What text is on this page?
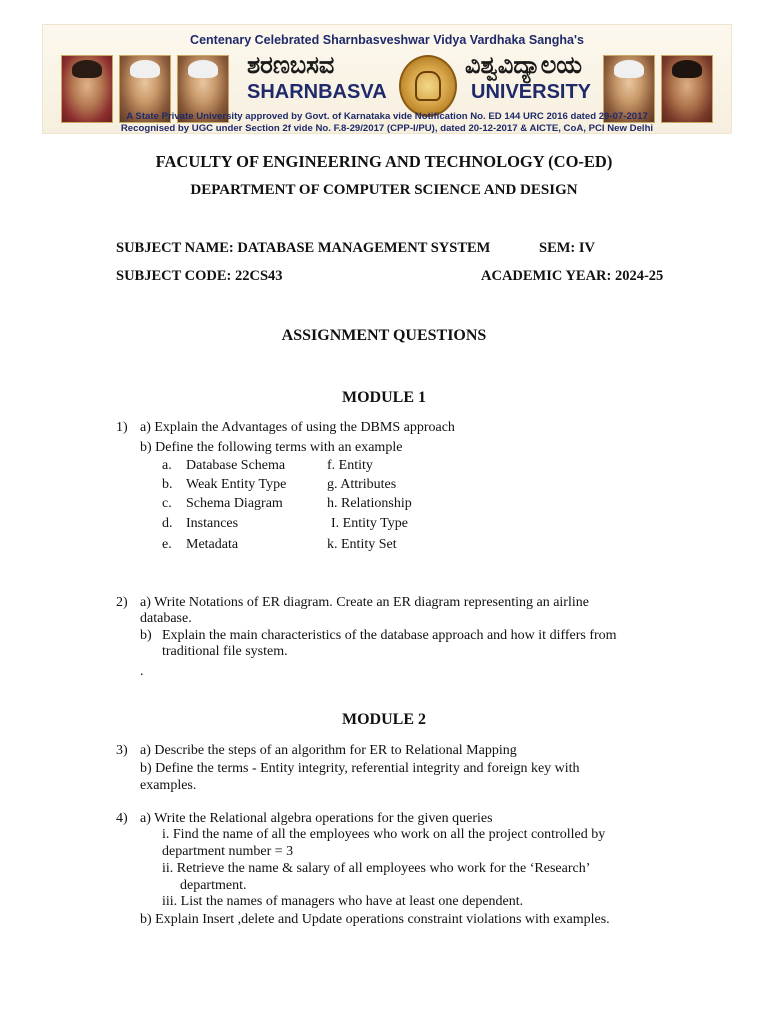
Centenary Celebrated Sharnbasveshwar Vidya Vardhaka Sangha's
ಶರಣಬಸವ
SHARNBASVA
ವಿಶ್ವವಿದ್ಯಾಲಯ
UNIVERSITY
A State Private University approved by Govt. of Karnataka vide Notification No. ED 144 URC 2016 dated 29-07-2017
Recognised by UGC under Section 2f vide No. F.8-29/2017 (CPP-I/PU), dated 20-12-2017 & AICTE, CoA, PCI New Delhi
FACULTY OF ENGINEERING AND TECHNOLOGY (CO-ED)
DEPARTMENT OF COMPUTER SCIENCE AND DESIGN
SUBJECT NAME: DATABASE MANAGEMENT SYSTEM	SEM: IV
SUBJECT CODE: 22CS43	ACADEMIC YEAR: 2024-25
ASSIGNMENT QUESTIONS
MODULE 1
1) a) Explain the Advantages of using the DBMS approach
b) Define the following terms with an example
a. Database Schema	f. Entity
b. Weak Entity Type	g. Attributes
c. Schema Diagram	h. Relationship
d. Instances	I. Entity Type
e. Metadata	k. Entity Set
2) a) Write Notations of ER diagram. Create an ER diagram representing an airline
database.
b) Explain the main characteristics of the database approach and how it differs from
traditional file system.
.
MODULE 2
3) a) Describe the steps of an algorithm for ER to Relational Mapping
b) Define the terms - Entity integrity, referential integrity and foreign key with
examples.
4) a) Write the Relational algebra operations for the given queries
i. Find the name of all the employees who work on all the project controlled by
department number = 3
ii. Retrieve the name & salary of all employees who work for the ‘Research’
department.
iii. List the names of managers who have at least one dependent.
b) Explain Insert ,delete and Update operations constraint violations with examples.
